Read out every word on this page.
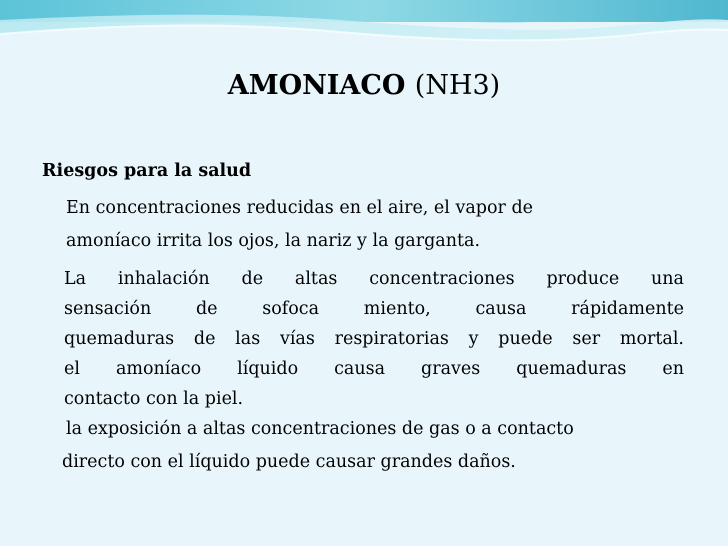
AMONIACO (NH3)

Riesgos para la salud

En concentraciones reducidas en el aire, el vapor de

amoníaco irrita los ojos, la nariz y la garganta.

La inhalación de altas concentraciones produce una
sensación de sofoca miento, causa rápidamente
quemaduras de las vías respiratorias y puede ser mortal.
el amoníaco líquido causa graves quemaduras en
contacto con la piel.

la exposición a altas concentraciones de gas o a contacto

directo con el líquido puede causar grandes daños.
